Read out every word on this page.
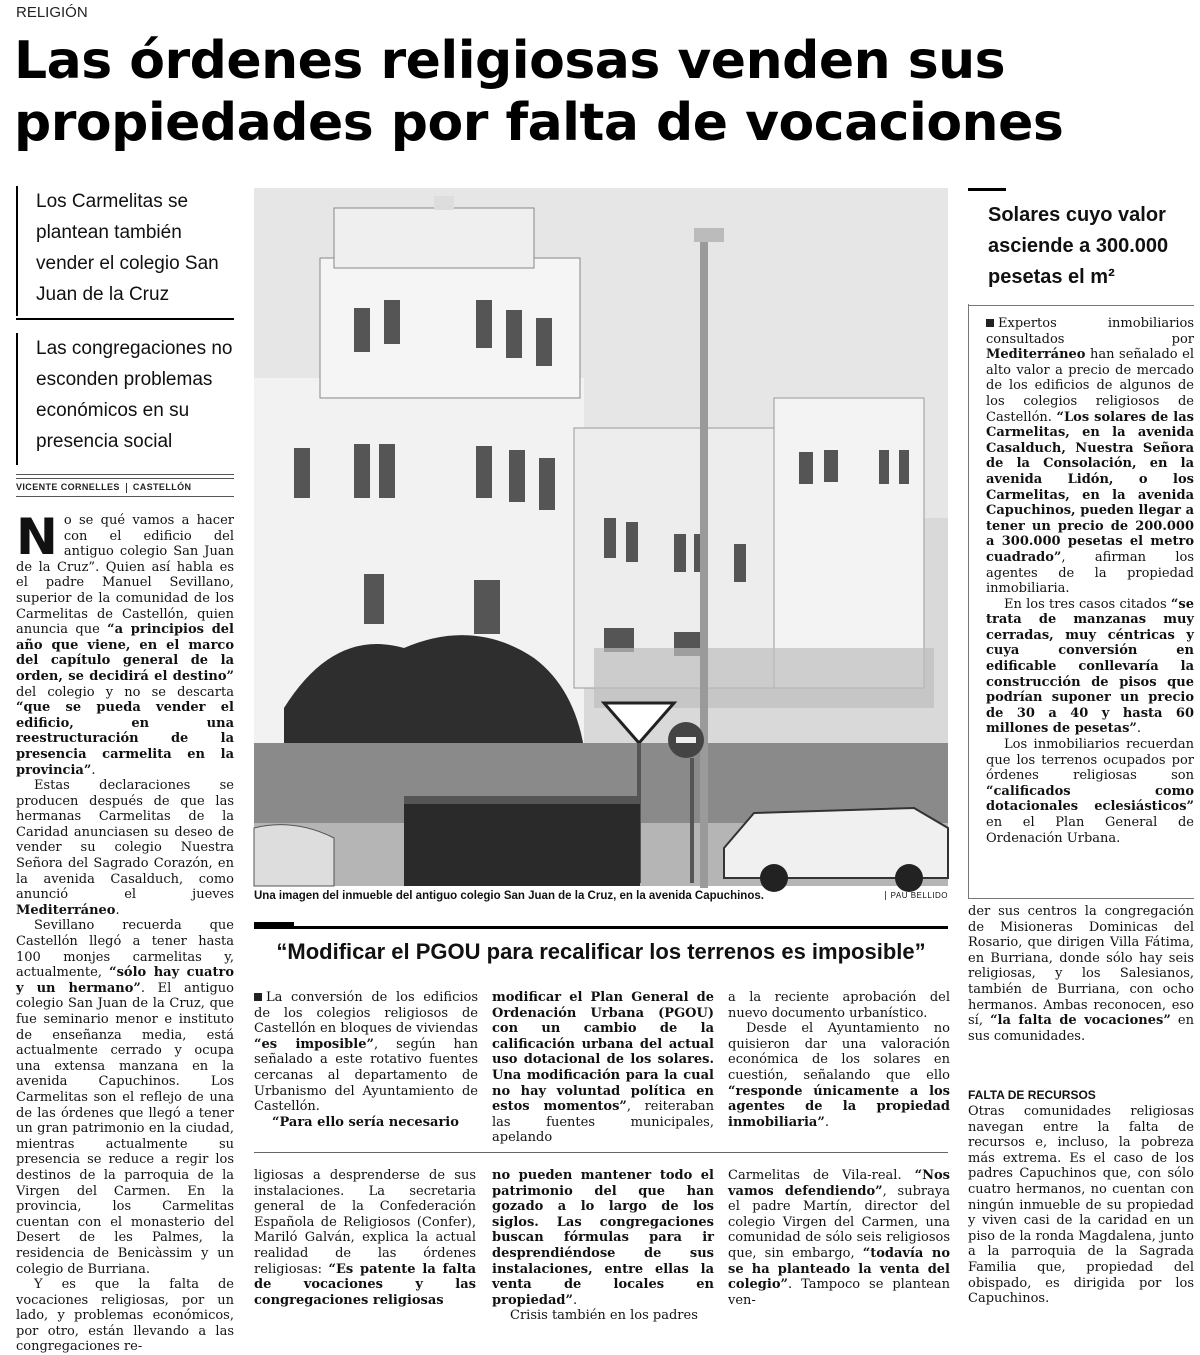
RELIGIÓN
Las órdenes religiosas venden sus propiedades por falta de vocaciones
Los Carmelitas se plantean también vender el colegio San Juan de la Cruz
Las congregaciones no esconden problemas económicos en su presencia social
VICENTE CORNELLES CASTELLÓN

No se qué vamos a hacer con el edificio del antiguo colegio San Juan de la Cruz”. Quien así habla es el padre Manuel Sevillano, superior de la comunidad de los Carmelitas de Castellón, quien anuncia que “a principios del año que viene, en el marco del capítulo general de la orden, se decidirá el destino” del colegio y no se descarta “que se pueda vender el edificio, en una reestructuración de la presencia carmelita en la provincia”.

Estas declaraciones se producen después de que las hermanas Carmelitas de la Caridad anunciasen su deseo de vender su colegio Nuestra Señora del Sagrado Corazón, en la avenida Casalduch, como anunció el jueves Mediterráneo.

Sevillano recuerda que Castellón llegó a tener hasta 100 monjes carmelitas y, actualmente, “sólo hay cuatro y un hermano”. El antiguo colegio San Juan de la Cruz, que fue seminario menor e instituto de enseñanza media, está actualmente cerrado y ocupa una extensa manzana en la avenida Capuchinos. Los Carmelitas son el reflejo de una de las órdenes que llegó a tener un gran patrimonio en la ciudad, mientras actualmente su presencia se reduce a regir los destinos de la parroquia de la Virgen del Carmen. En la provincia, los Carmelitas cuentan con el monasterio del Desert de les Palmes, la residencia de Benicàssim y un colegio de Burriana.

Y es que la falta de vocaciones religiosas, por un lado, y problemas económicos, por otro, están llevando a las congregaciones re-

Una imagen del inmueble del antiguo colegio San Juan de la Cruz, en la avenida Capuchinos.	PAU BELLIDO
“Modificar el PGOU para recalificar los terrenos es imposible”

La conversión de los edificios de los colegios religiosos de Castellón en bloques de viviendas “es imposible”, según han señalado a este rotativo fuentes cercanas al departamento de Urbanismo del Ayuntamiento de Castellón.

“Para ello sería necesario

modificar el Plan General de Ordenación Urbana (PGOU) con un cambio de la calificación urbana del actual uso dotacional de los solares. Una modificación para la cual no hay voluntad política en estos momentos”, reiteraban las fuentes municipales, apelando

a la reciente aprobación del nuevo documento urbanístico.

Desde el Ayuntamiento no quisieron dar una valoración económica de los solares en cuestión, señalando que ello “responde únicamente a los agentes de la propiedad inmobiliaria”.

ligiosas a desprenderse de sus instalaciones. La secretaria general de la Confederación Española de Religiosos (Confer), Mariló Galván, explica la actual realidad de las órdenes religiosas: “Es patente la falta de vocaciones y las congregaciones religiosas

no pueden mantener todo el patrimonio del que han gozado a lo largo de los siglos. Las congregaciones buscan fórmulas para ir desprendiéndose de sus instalaciones, entre ellas la venta de locales en propiedad”.

Crisis también en los padres

Carmelitas de Vila-real. “Nos vamos defendiendo”, subraya el padre Martín, director del colegio Virgen del Carmen, una comunidad de sólo seis religiosos que, sin embargo, “todavía no se ha planteado la venta del colegio”. Tampoco se plantean ven-

Solares cuyo valor asciende a 300.000 pesetas el m²

Expertos inmobiliarios consultados por Mediterráneo han señalado el alto valor a precio de mercado de los edificios de algunos de los colegios religiosos de Castellón. “Los solares de las Carmelitas, en la avenida Casalduch, Nuestra Señora de la Consolación, en la avenida Lidón, o los Carmelitas, en la avenida Capuchinos, pueden llegar a tener un precio de 200.000 a 300.000 pesetas el metro cuadrado”, afirman los agentes de la propiedad inmobiliaria.

En los tres casos citados “se trata de manzanas muy cerradas, muy céntricas y cuya conversión en edificable conllevaría la construcción de pisos que podrían suponer un precio de 30 a 40 y hasta 60 millones de pesetas”.

Los inmobiliarios recuerdan que los terrenos ocupados por órdenes religiosas son “calificados como dotacionales eclesiásticos” en el Plan General de Ordenación Urbana.

der sus centros la congregación de Misioneras Dominicas del Rosario, que dirigen Villa Fátima, en Burriana, donde sólo hay seis religiosas, y los Salesianos, también de Burriana, con ocho hermanos. Ambas reconocen, eso sí, “la falta de vocaciones” en sus comunidades.

FALTA DE RECURSOS

Otras comunidades religiosas navegan entre la falta de recursos e, incluso, la pobreza más extrema. Es el caso de los padres Capuchinos que, con sólo cuatro hermanos, no cuentan con ningún inmueble de su propiedad y viven casi de la caridad en un piso de la ronda Magdalena, junto a la parroquia de la Sagrada Familia que, propiedad del obispado, es dirigida por los Capuchinos.
